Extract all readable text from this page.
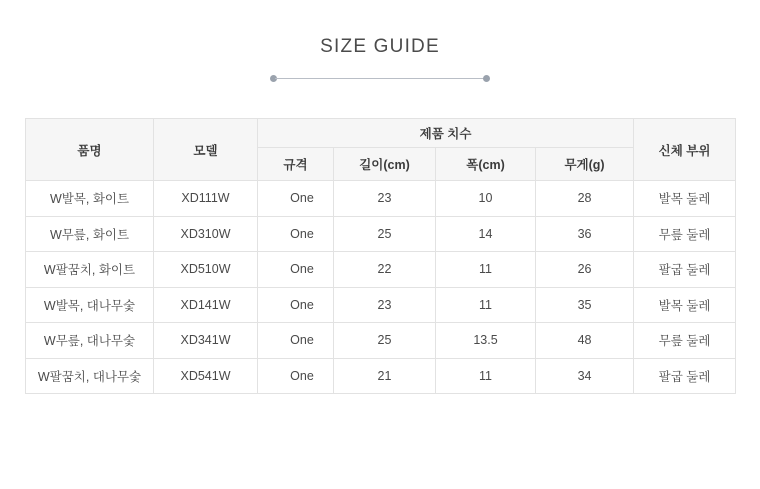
SIZE GUIDE
품명	모델	제품 치수				신체 부위
		규격	길이(cm)	폭(cm)	무게(g)	
W발목, 화이트	XD111W	One	23	10	28	발목 둘레
W무릎, 화이트	XD310W	One	25	14	36	무릎 둘레
W팔꿈치, 화이트	XD510W	One	22	11	26	팔굽 둘레
W발목, 대나무숯	XD141W	One	23	11	35	발목 둘레
W무릎, 대나무숯	XD341W	One	25	13.5	48	무릎 둘레
W팔꿈치, 대나무숯	XD541W	One	21	11	34	팔굽 둘레
